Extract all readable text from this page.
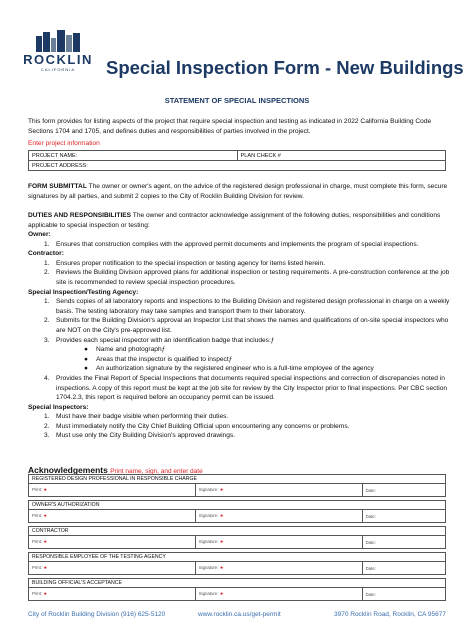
ROCKLIN
CALIFORNIA	Special Inspection Form - New Buildings
STATEMENT OF SPECIAL INSPECTIONS
This form provides for listing aspects of the project that require special inspection and testing as indicated in 2022 California Building Code Sections 1704 and 1705, and defines duties and responsibilities of parties involved in the project.
Enter project information
PROJECT NAME:	PLAN CHECK #
PROJECT ADDRESS:
FORM SUBMITTAL The owner or owner's agent, on the advice of the registered design professional in charge, must complete this form, secure signatures by all parties, and submit 2 copies to the City of Rocklin Building Division for review.
DUTIES AND RESPONSIBILITIES The owner and contractor acknowledge assignment of the following duties, responsibilities and conditions applicable to special inspection or testing:
Owner:
1. Ensures that construction complies with the approved permit documents and implements the program of special inspections.
Contractor:
1. Ensures proper notification to the special inspection or testing agency for items listed herein.
2. Reviews the Building Division approved plans for additional inspection or testing requirements. A pre-construction conference at the job site is recommended to review special inspection procedures.
Special Inspection/Testing Agency:
1. Sends copies of all laboratory reports and inspections to the Building Division and registered design professional in charge on a weekly basis. The testing laboratory may take samples and transport them to their laboratory.
2. Submits for the Building Division's approval an Inspector List that shows the names and qualifications of on-site special inspectors who are NOT on the City's pre-approved list.
3. Provides each special inspector with an identification badge that includes:ƒ
●	Name and photographƒ
●	Areas that the inspector is qualified to inspectƒ
●	An authorization signature by the registered engineer who is a full-time employee of the agency
4. Provides the Final Report of Special Inspections that documents required special inspections and correction of discrepancies noted in inspections. A copy of this report must be kept at the job site for review by the City Inspector prior to final inspections. Per CBC section 1704.2.3, this report is required before an occupancy permit can be issued.
Special Inspectors:
1. Must have their badge visible when performing their duties.
2. Must immediately notify the City Chief Building Official upon encountering any concerns or problems.
3. Must use only the City Building Division's approved drawings.
Acknowledgements Print name, sign, and enter date
REGISTERED DESIGN PROFESSIONAL IN RESPONSIBLE CHARGE		
Print: ★	Signature: ★	Date:

OWNER'S AUTHORIZATION		
Print: ★	Signature: ★	Date:

CONTRACTOR		
Print: ★	Signature: ★	Date:

RESPONSIBLE EMPLOYEE OF THE TESTING AGENCY		
Print: ★	Signature: ★	Date:

BUILDING OFFICIAL'S ACCEPTANCE		
Print: ★	Signature: ★	Date:
City of Rocklin Building Division (916) 625-5120	www.rocklin.ca.us/get-permit	3970 Rocklin Road, Rocklin, CA 95677
